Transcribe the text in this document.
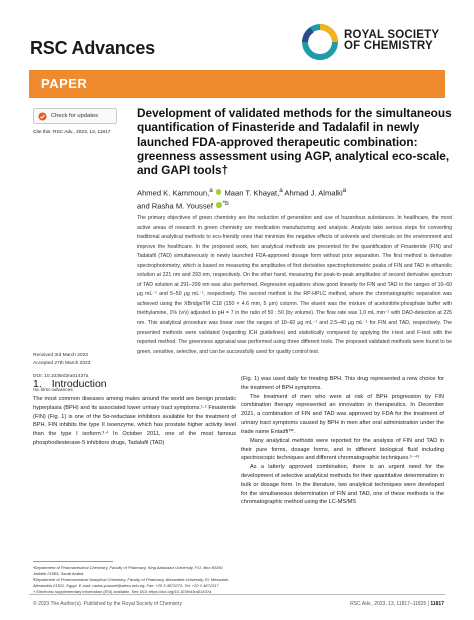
RSC Advances
ROYAL SOCIETY
OF CHEMISTRY
PAPER
Check for updates
Cite this: RSC Adv., 2023, 13, 11817
Development of validated methods for the simultaneous quantification of Finasteride and Tadalafil in newly launched FDA-approved therapeutic combination: greenness assessment using AGP, analytical eco-scale, and GAPI tools†
Ahmed K. Kammoun,$^a$  Maan T. Khayat,$^a$ Ahmad J. Almalki$^a$
and Rasha M. Youssef $^{*b}$
The primary objectives of green chemistry are the reduction of generation and use of hazardous substances. In healthcare, the most active areas of research in green chemistry are medication manufacturing and analysis. Analysts take serious steps for converting traditional analytical methods to eco-friendly ones that minimize the negative effects of solvents and chemicals on the environment and improve the healthcare. In the proposed work, two analytical methods are presented for the quantification of Finasteride (FIN) and Tadalafil (TAD) simultaneously in newly launched FDA-approved dosage form without prior separation. The first method is derivative spectrophotometry, which is based on measuring the amplitudes of first derivative spectrophotometric peaks of FIN and TAD in ethanolic solution at 221 nm and 293 nm, respectively. On the other hand, measuring the peak-to-peak amplitudes of second derivative spectrum of TAD solution at 291–299 nm was also performed. Regression equations show good linearity for FIN and TAD in the ranges of 10–60 μg mL⁻¹ and 5–50 μg mL⁻¹, respectively. The second method is the RP-HPLC method, where the chromatographic separation was achieved using the XBridgeTM C18 (150 × 4.6 mm, 5 μm) column. The eluent was the mixture of acetonitrile:phosphate buffer with triethylamine, 1% (v/v) adjusted to pH = 7 in the ratio of 50 : 50 (by volume). The flow rate was 1.0 mL min⁻¹ with DAD-detection at 225 nm. This analytical procedure was linear over the ranges of 10–60 μg mL⁻¹ and 2.5–40 μg mL⁻¹ for FIN and TAD, respectively. The presented methods were validated (regarding ICH guidelines) and statistically compared by applying the t-test and F-test with the reported method. The greenness appraisal was performed using three different tools. The proposed validated methods were found to be green, sensitive, selective, and can be successfully used for quality control test.
Received 3rd March 2023
Accepted 27th March 2023
DOI: 10.1039/d3ra01437a
rsc.li/rsc-advances
1. Introduction

The most common diseases among males around the world are benign prostatic hyperplasia (BPH) and its associated lower urinary tract symptoms.¹·² Finasteride (FIN) (Fig. 1) is one of the 5α-reductase inhibitors available for the treatment of BPH. FIN inhibits the type II isoenzyme, which has prostate higher activity level than the type I isoform.³·⁴ In October 2011, one of the most famous phosphodiesterase-5 inhibitors drugs, Tadalafil (TAD)

(Fig. 1) was used daily for treating BPH. This drug represented a new choice for the treatment of BPH symptoms.

The treatment of men who were at risk of BPH progression by FIN combination therapy represented an innovation in therapeutics. In December 2021, a combination of FIN and TAD was approved by FDA for the treatment of urinary tract symptoms caused by BPH in men after oral administration under the trade name Entadfi™.

Many analytical methods were reported for the analysis of FIN and TAD in their pure forms, dosage forms, and in different biological fluid including spectroscopic techniques and different chromatographic techniques.⁵⁻⁴³

As a latterly approved combination, there is an urgent need for the development of selective analytical methods for their quantitative determination in bulk or dosage form. In the literature, two analytical techniques were developed for the simultaneous determination of FIN and TAD, one of these methods is the chromatographic method using the LC-MS/MS

ᵃDepartment of Pharmaceutical Chemistry, Faculty of Pharmacy, King Abdulaziz University, P.O. Box 80260, Jeddah 21589, Saudi Arabia
ᵇDepartment of Pharmaceutical Analytical Chemistry, Faculty of Pharmacy, Alexandria University, El. Messalah, Alexandria 21521, Egypt. E-mail: rasha.youssef@alexu.edu.eg; Fax: +20 3 4873273; Tel: +20 3 4871317
† Electronic supplementary information (ESI) available. See DOI: https://doi.org/10.1039/d3ra01437a
© 2023 The Author(s). Published by the Royal Society of Chemistry	RSC Adv., 2023, 13, 11817–11825 | 11817
